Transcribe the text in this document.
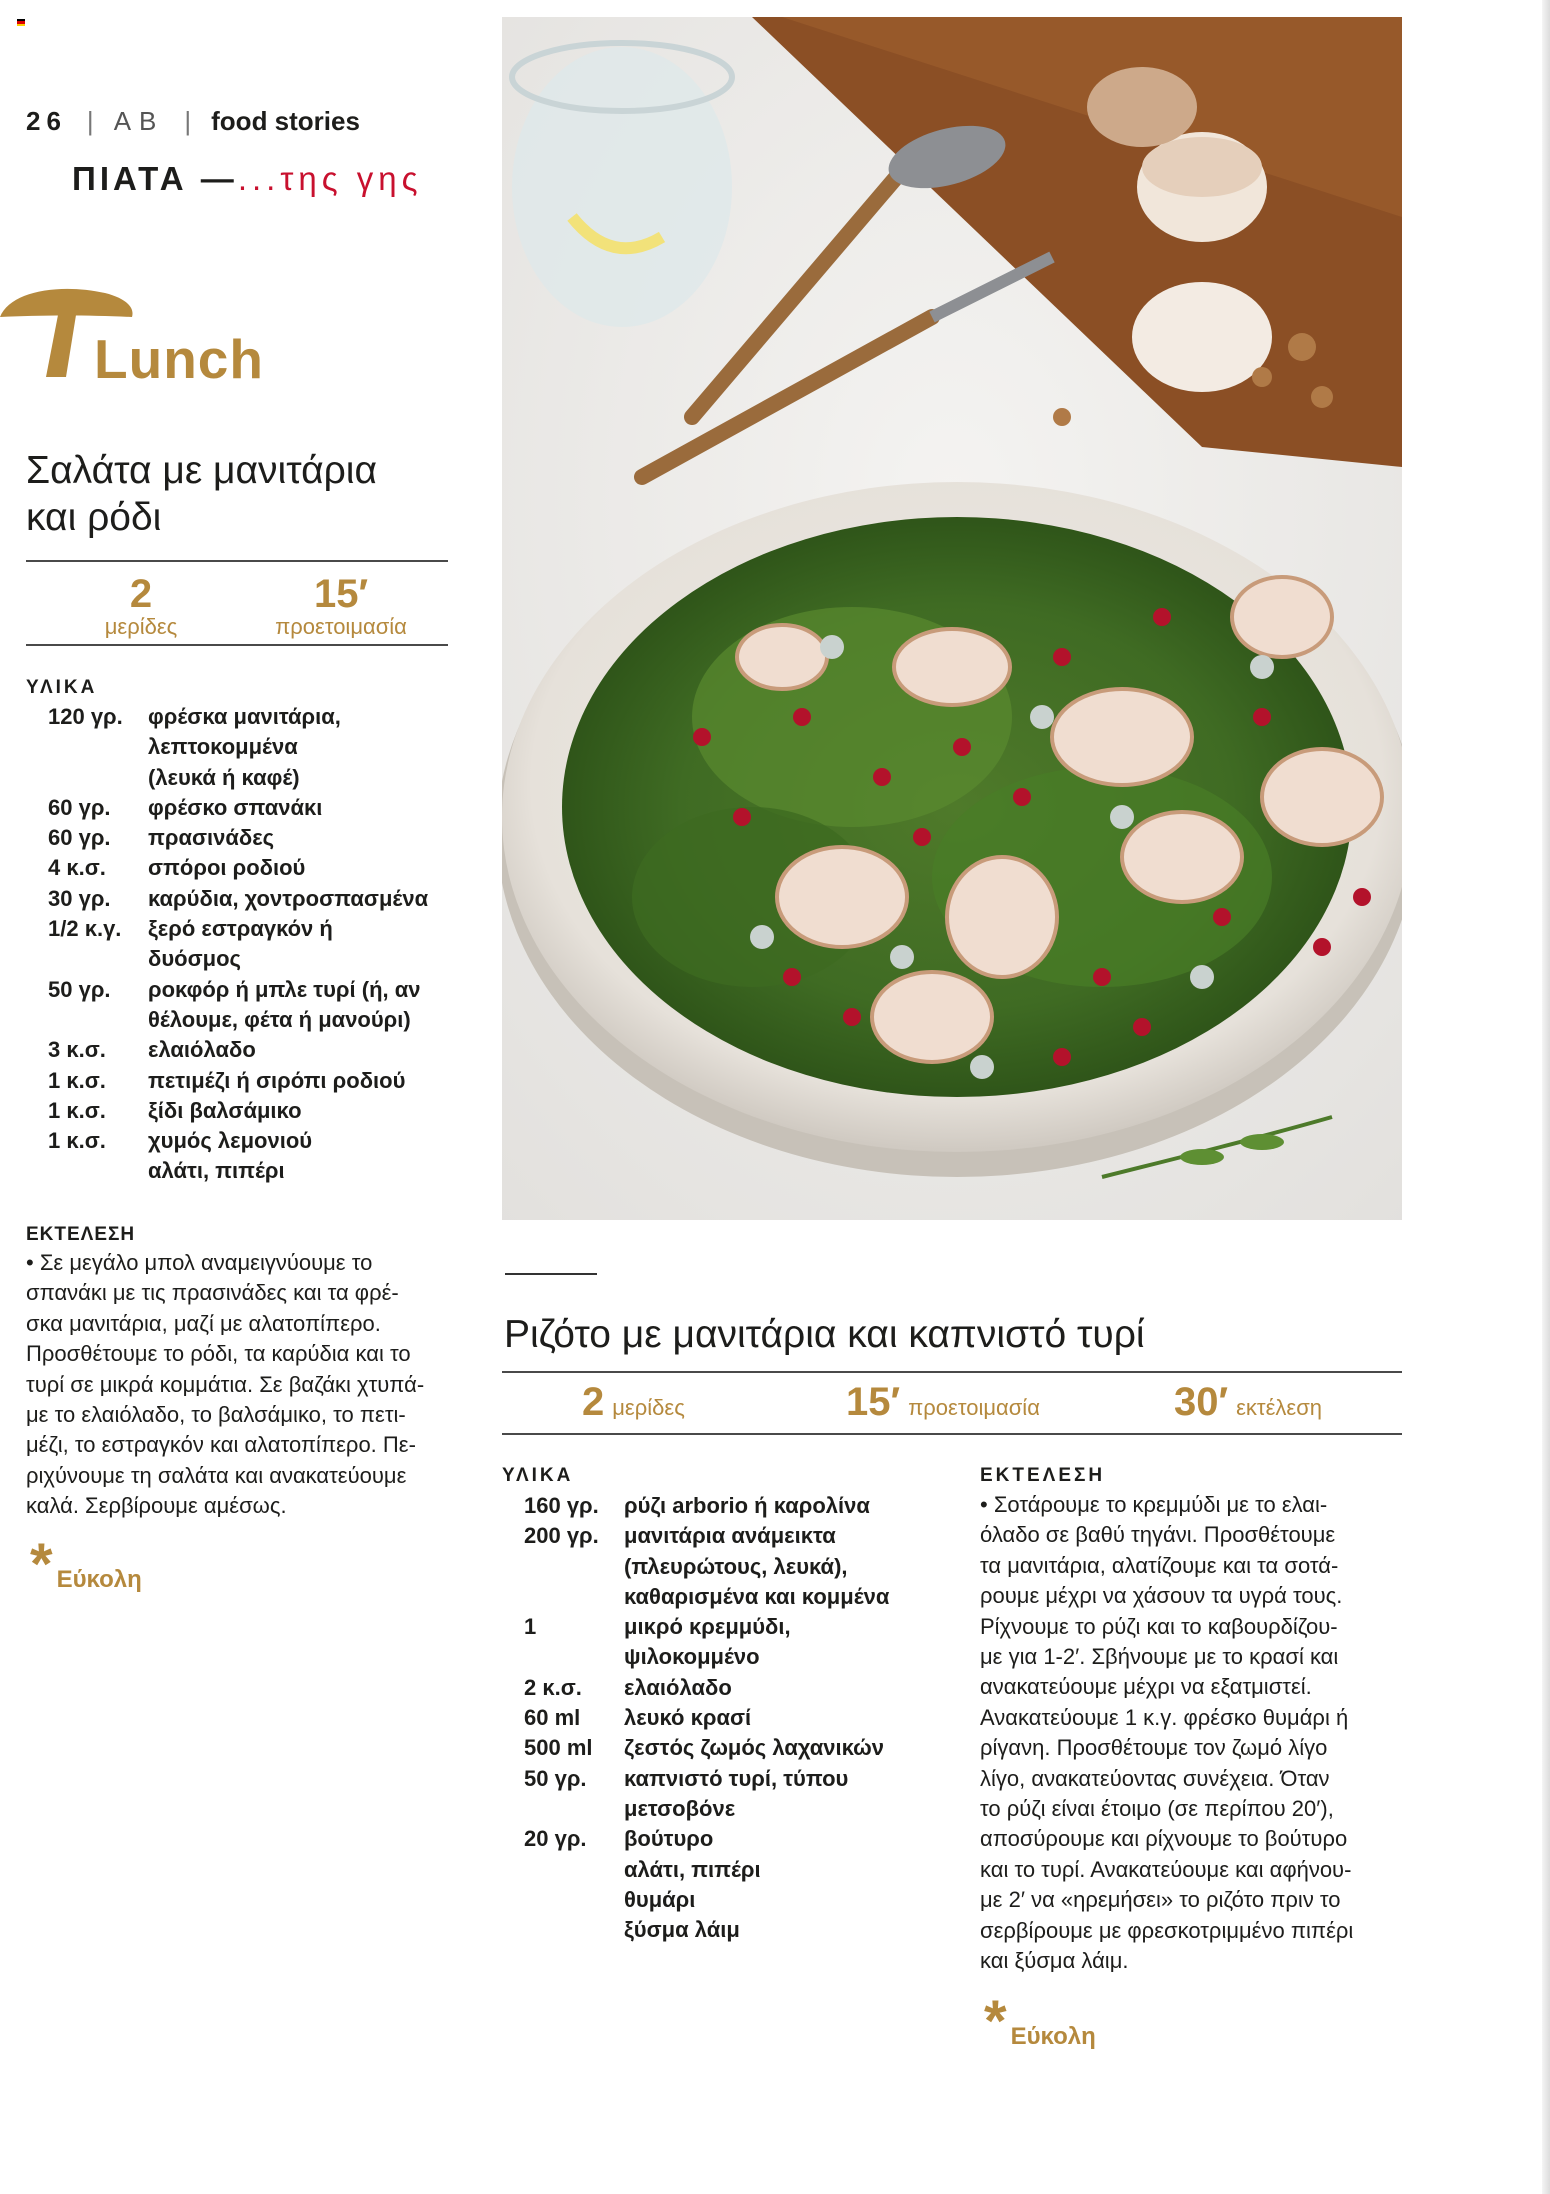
26 | AB | food stories
ΠΙΑΤΑ —...της γης
Lunch
Σαλάτα με μανιτάρια
και ρόδι
2
μερίδες
15′
προετοιμασία
ΥΛΙΚΑ
120 γρ.	φρέσκα μανιτάρια,
λεπτοκομμένα
(λευκά ή καφέ)
60 γρ.	φρέσκο σπανάκι
60 γρ.	πρασινάδες
4 κ.σ.	σπόροι ροδιού
30 γρ.	καρύδια, χοντροσπασμένα
1/2 κ.γ.	ξερό εστραγκόν ή
δυόσμος
50 γρ.	ροκφόρ ή μπλε τυρί (ή, αν
θέλουμε, φέτα ή μανούρι)
3 κ.σ.	ελαιόλαδο
1 κ.σ.	πετιμέζι ή σιρόπι ροδιού
1 κ.σ.	ξίδι βαλσάμικο
1 κ.σ.	χυμός λεμονιού
αλάτι, πιπέρι
ΕΚΤΕΛΕΣΗ
• Σε μεγάλο μπολ αναμειγνύουμε το
σπανάκι με τις πρασινάδες και τα φρέ-
σκα μανιτάρια, μαζί με αλατοπίπερο.
Προσθέτουμε το ρόδι, τα καρύδια και το
τυρί σε μικρά κομμάτια. Σε βαζάκι χτυπά-
με το ελαιόλαδο, το βαλσάμικο, το πετι-
μέζι, το εστραγκόν και αλατοπίπερο. Πε-
ριχύνουμε τη σαλάτα και ανακατεύουμε
καλά. Σερβίρουμε αμέσως.
* Εύκολη
Ριζότο με μανιτάρια και καπνιστό τυρί
2 μερίδες	15′ προετοιμασία	30′ εκτέλεση
ΥΛΙΚΑ
160 γρ.	ρύζι arborio ή καρολίνα
200 γρ.	μανιτάρια ανάμεικτα
(πλευρώτους, λευκά),
καθαρισμένα και κομμένα
1	μικρό κρεμμύδι,
ψιλοκομμένο
2 κ.σ.	ελαιόλαδο
60 ml	λευκό κρασί
500 ml	ζεστός ζωμός λαχανικών
50 γρ.	καπνιστό τυρί, τύπου
μετσοβόνε
20 γρ.	βούτυρο
αλάτι, πιπέρι
θυμάρι
ξύσμα λάιμ
ΕΚΤΕΛΕΣΗ
• Σοτάρουμε το κρεμμύδι με το ελαι-
όλαδο σε βαθύ τηγάνι. Προσθέτουμε
τα μανιτάρια, αλατίζουμε και τα σοτά-
ρουμε μέχρι να χάσουν τα υγρά τους.
Ρίχνουμε το ρύζι και το καβουρδίζου-
με για 1-2′. Σβήνουμε με το κρασί και
ανακατεύουμε μέχρι να εξατμιστεί.
Ανακατεύουμε 1 κ.γ. φρέσκο θυμάρι ή
ρίγανη. Προσθέτουμε τον ζωμό λίγο
λίγο, ανακατεύοντας συνέχεια. Όταν
το ρύζι είναι έτοιμο (σε περίπου 20′),
αποσύρουμε και ρίχνουμε το βούτυρο
και το τυρί. Ανακατεύουμε και αφήνου-
με 2′ να «ηρεμήσει» το ριζότο πριν το
σερβίρουμε με φρεσκοτριμμένο πιπέρι
και ξύσμα λάιμ.
* Εύκολη
